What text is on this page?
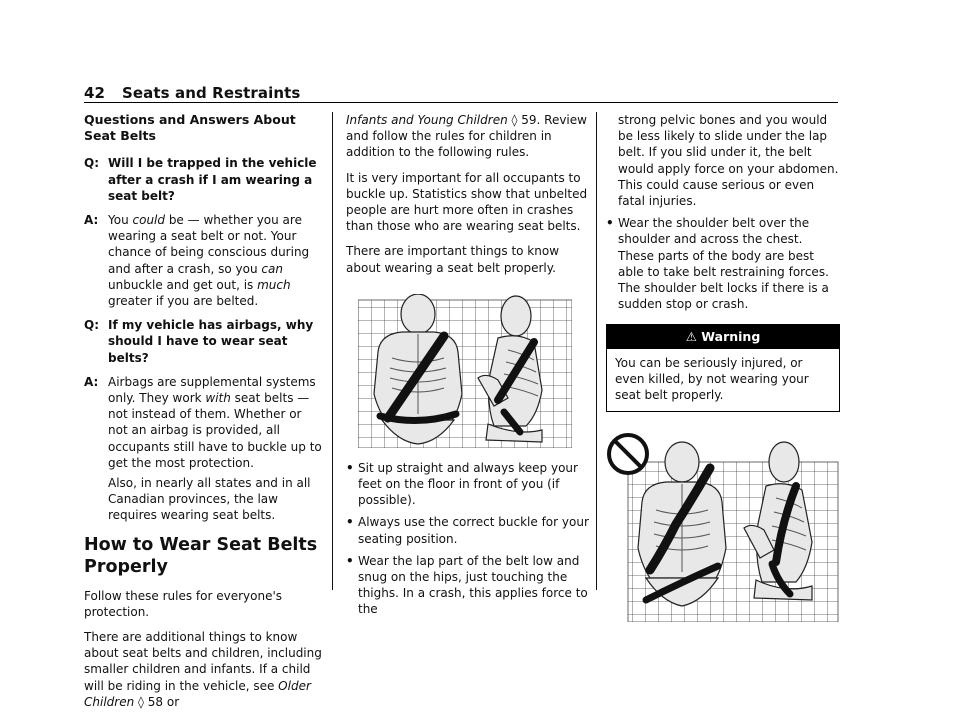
42 Seats and Restraints

Questions and Answers About Seat Belts

Q: Will I be trapped in the vehicle after a crash if I am wearing a seat belt?
A: You could be — whether you are wearing a seat belt or not. Your chance of being conscious during and after a crash, so you can unbuckle and get out, is much greater if you are belted.
Q: If my vehicle has airbags, why should I have to wear seat belts?
A: Airbags are supplemental systems only. They work with seat belts — not instead of them. Whether or not an airbag is provided, all occupants still have to buckle up to get the most protection.

Also, in nearly all states and in all Canadian provinces, the law requires wearing seat belts.

How to Wear Seat Belts Properly

Follow these rules for everyone's protection.

There are additional things to know about seat belts and children, including smaller children and infants. If a child will be riding in the vehicle, see Older Children ◊ 58 or

Infants and Young Children ◊ 59. Review and follow the rules for children in addition to the following rules.

It is very important for all occupants to buckle up. Statistics show that unbelted people are hurt more often in crashes than those who are wearing seat belts.

There are important things to know about wearing a seat belt properly.

• Sit up straight and always keep your feet on the floor in front of you (if possible).
• Always use the correct buckle for your seating position.
• Wear the lap part of the belt low and snug on the hips, just touching the thighs. In a crash, this applies force to the

strong pelvic bones and you would be less likely to slide under the lap belt. If you slid under it, the belt would apply force on your abdomen. This could cause serious or even fatal injuries.

• Wear the shoulder belt over the shoulder and across the chest. These parts of the body are best able to take belt restraining forces. The shoulder belt locks if there is a sudden stop or crash.
⚠ Warning
You can be seriously injured, or even killed, by not wearing your seat belt properly.
